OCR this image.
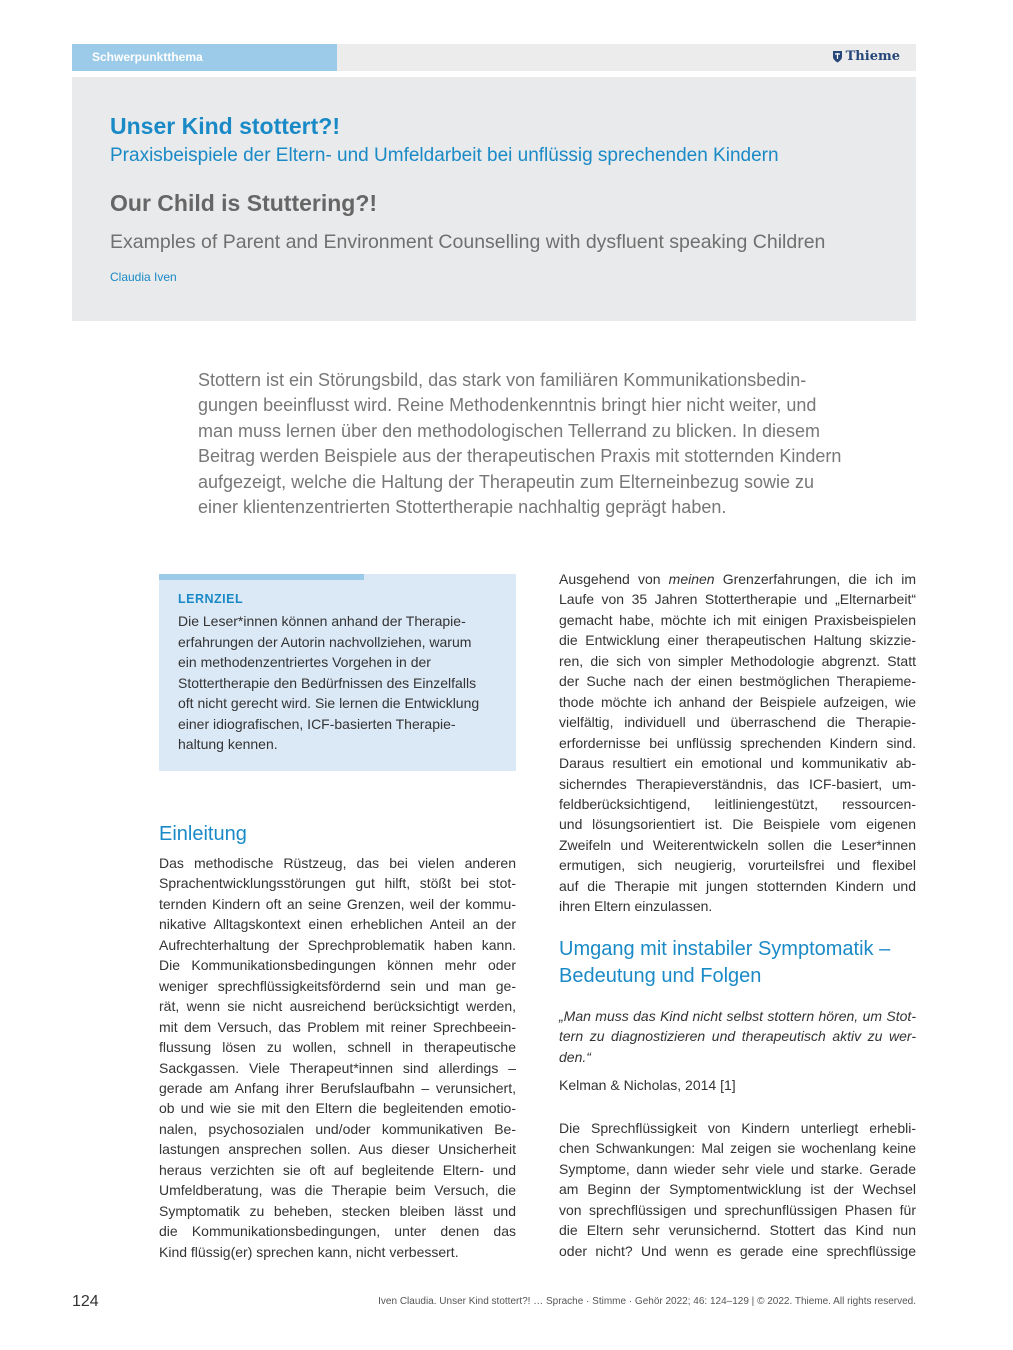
Schwerpunktthema	Thieme
Unser Kind stottert?!
Praxisbeispiele der Eltern- und Umfeldarbeit bei unflüssig sprechenden Kindern
Our Child is Stuttering?!
Examples of Parent and Environment Counselling with dysfluent speaking Children
Claudia Iven
Stottern ist ein Störungsbild, das stark von familiären Kommunikationsbedin-
gungen beeinflusst wird. Reine Methodenkenntnis bringt hier nicht weiter, und
man muss lernen über den methodologischen Tellerrand zu blicken. In diesem
Beitrag werden Beispiele aus der therapeutischen Praxis mit stotternden Kindern
aufgezeigt, welche die Haltung der Therapeutin zum Elterneinbezug sowie zu
einer klientenzentrierten Stottertherapie nachhaltig geprägt haben.
LERNZIEL
Die Leser*innen können anhand der Therapie-
erfahrungen der Autorin nachvollziehen, warum
ein methodenzentriertes Vorgehen in der
Stottertherapie den Bedürfnissen des Einzelfalls
oft nicht gerecht wird. Sie lernen die Entwicklung
einer idiografischen, ICF-basierten Therapie-
haltung kennen.
Einleitung
Das methodische Rüstzeug, das bei vielen anderen
Sprachentwicklungsstörungen gut hilft, stößt bei stot-
ternden Kindern oft an seine Grenzen, weil der kommu-
nikative Alltagskontext einen erheblichen Anteil an der
Aufrechterhaltung der Sprechproblematik haben kann.
Die Kommunikationsbedingungen können mehr oder
weniger sprechflüssigkeitsfördernd sein und man ge-
rät, wenn sie nicht ausreichend berücksichtigt werden,
mit dem Versuch, das Problem mit reiner Sprechbeein-
flussung lösen zu wollen, schnell in therapeutische
Sackgassen. Viele Therapeut*innen sind allerdings –
gerade am Anfang ihrer Berufslaufbahn – verunsichert,
ob und wie sie mit den Eltern die begleitenden emotio-
nalen, psychosozialen und/oder kommunikativen Be-
lastungen ansprechen sollen. Aus dieser Unsicherheit
heraus verzichten sie oft auf begleitende Eltern- und
Umfeldberatung, was die Therapie beim Versuch, die
Symptomatik zu beheben, stecken bleiben lässt und
die Kommunikationsbedingungen, unter denen das
Kind flüssig(er) sprechen kann, nicht verbessert.
Ausgehend von meinen Grenzerfahrungen, die ich im
Laufe von 35 Jahren Stottertherapie und „Elternarbeit“
gemacht habe, möchte ich mit einigen Praxisbeispielen
die Entwicklung einer therapeutischen Haltung skizzie-
ren, die sich von simpler Methodologie abgrenzt. Statt
der Suche nach der einen bestmöglichen Therapieme-
thode möchte ich anhand der Beispiele aufzeigen, wie
vielfältig, individuell und überraschend die Therapie-
erfordernisse bei unflüssig sprechenden Kindern sind.
Daraus resultiert ein emotional und kommunikativ ab-
sicherndes Therapieverständnis, das ICF-basiert, um-
feldberücksichtigend, leitliniengestützt, ressourcen-
und lösungsorientiert ist. Die Beispiele vom eigenen
Zweifeln und Weiterentwickeln sollen die Leser*innen
ermutigen, sich neugierig, vorurteilsfrei und flexibel
auf die Therapie mit jungen stotternden Kindern und
ihren Eltern einzulassen.
Umgang mit instabiler Symptomatik –
Bedeutung und Folgen
„Man muss das Kind nicht selbst stottern hören, um Stot-
tern zu diagnostizieren und therapeutisch aktiv zu wer-
den.“
Kelman & Nicholas, 2014 [1]
Die Sprechflüssigkeit von Kindern unterliegt erhebli-
chen Schwankungen: Mal zeigen sie wochenlang keine
Symptome, dann wieder sehr viele und starke. Gerade
am Beginn der Symptomentwicklung ist der Wechsel
von sprechflüssigen und sprechunflüssigen Phasen für
die Eltern sehr verunsichernd. Stottert das Kind nun
oder nicht? Und wenn es gerade eine sprechflüssige
124	Iven Claudia. Unser Kind stottert?! … Sprache · Stimme · Gehör 2022; 46: 124–129 | © 2022. Thieme. All rights reserved.
